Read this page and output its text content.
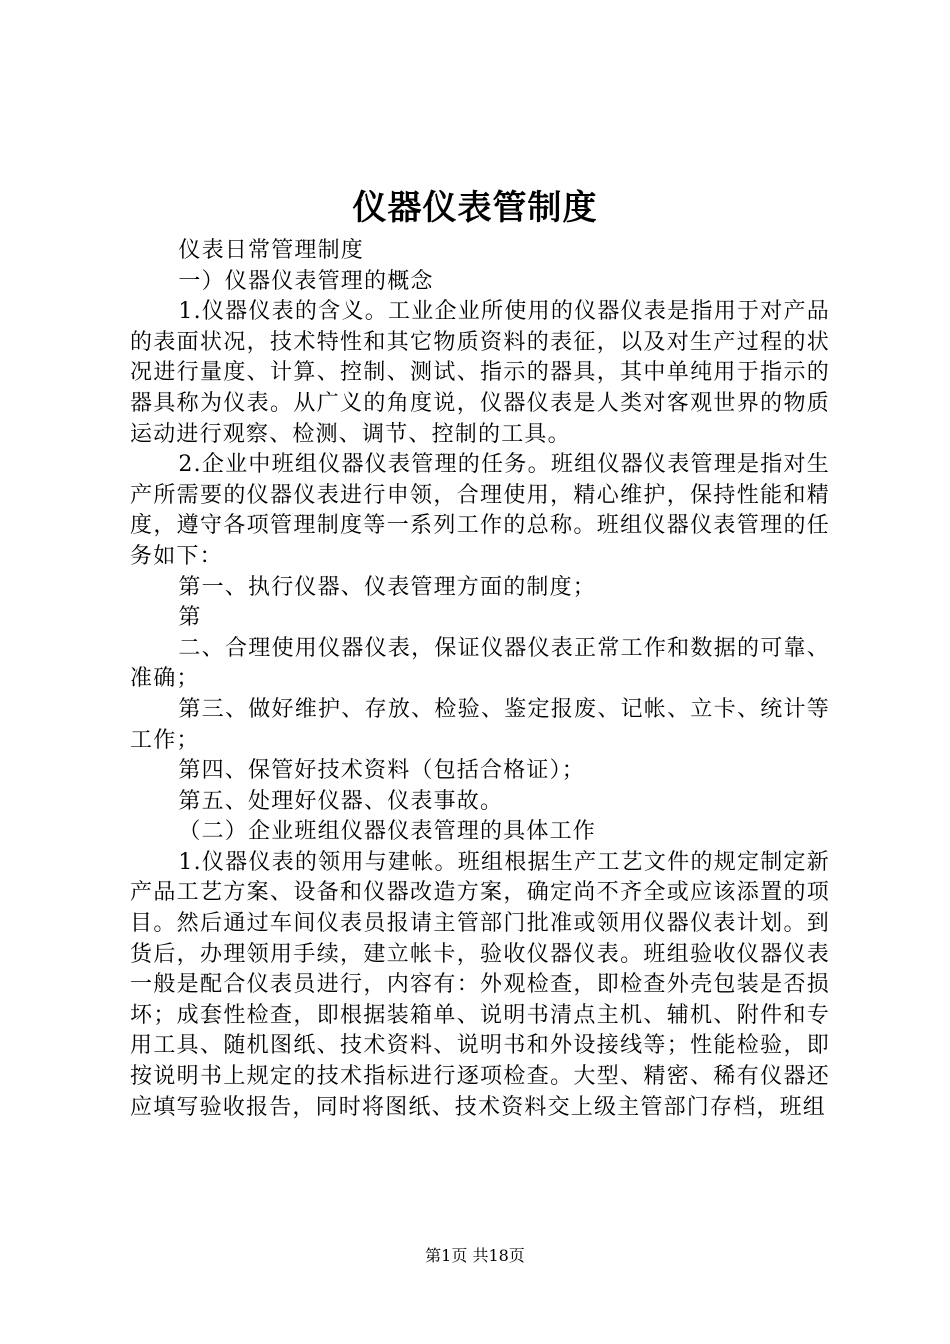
仪器仪表管制度

仪表日常管理制度

一）仪器仪表管理的概念

1.仪器仪表的含义。工业企业所使用的仪器仪表是指用于对产品的表面状况，技术特性和其它物质资料的表征，以及对生产过程的状况进行量度、计算、控制、测试、指示的器具，其中单纯用于指示的器具称为仪表。从广义的角度说，仪器仪表是人类对客观世界的物质运动进行观察、检测、调节、控制的工具。

2.企业中班组仪器仪表管理的任务。班组仪器仪表管理是指对生产所需要的仪器仪表进行申领，合理使用，精心维护，保持性能和精度，遵守各项管理制度等一系列工作的总称。班组仪器仪表管理的任务如下：

第一、执行仪器、仪表管理方面的制度；

第

二、合理使用仪器仪表，保证仪器仪表正常工作和数据的可靠、准确；

第三、做好维护、存放、检验、鉴定报废、记帐、立卡、统计等工作；

第四、保管好技术资料（包括合格证）；

第五、处理好仪器、仪表事故。

（二）企业班组仪器仪表管理的具体工作

1.仪器仪表的领用与建帐。班组根据生产工艺文件的规定制定新产品工艺方案、设备和仪器改造方案，确定尚不齐全或应该添置的项目。然后通过车间仪表员报请主管部门批准或领用仪器仪表计划。到货后，办理领用手续，建立帐卡，验收仪器仪表。班组验收仪器仪表一般是配合仪表员进行，内容有：外观检查，即检查外壳包装是否损坏；成套性检查，即根据装箱单、说明书清点主机、辅机、附件和专用工具、随机图纸、技术资料、说明书和外设接线等；性能检验，即按说明书上规定的技术指标进行逐项检查。大型、精密、稀有仪器还应填写验收报告，同时将图纸、技术资料交上级主管部门存档，班组

第1页 共18页
